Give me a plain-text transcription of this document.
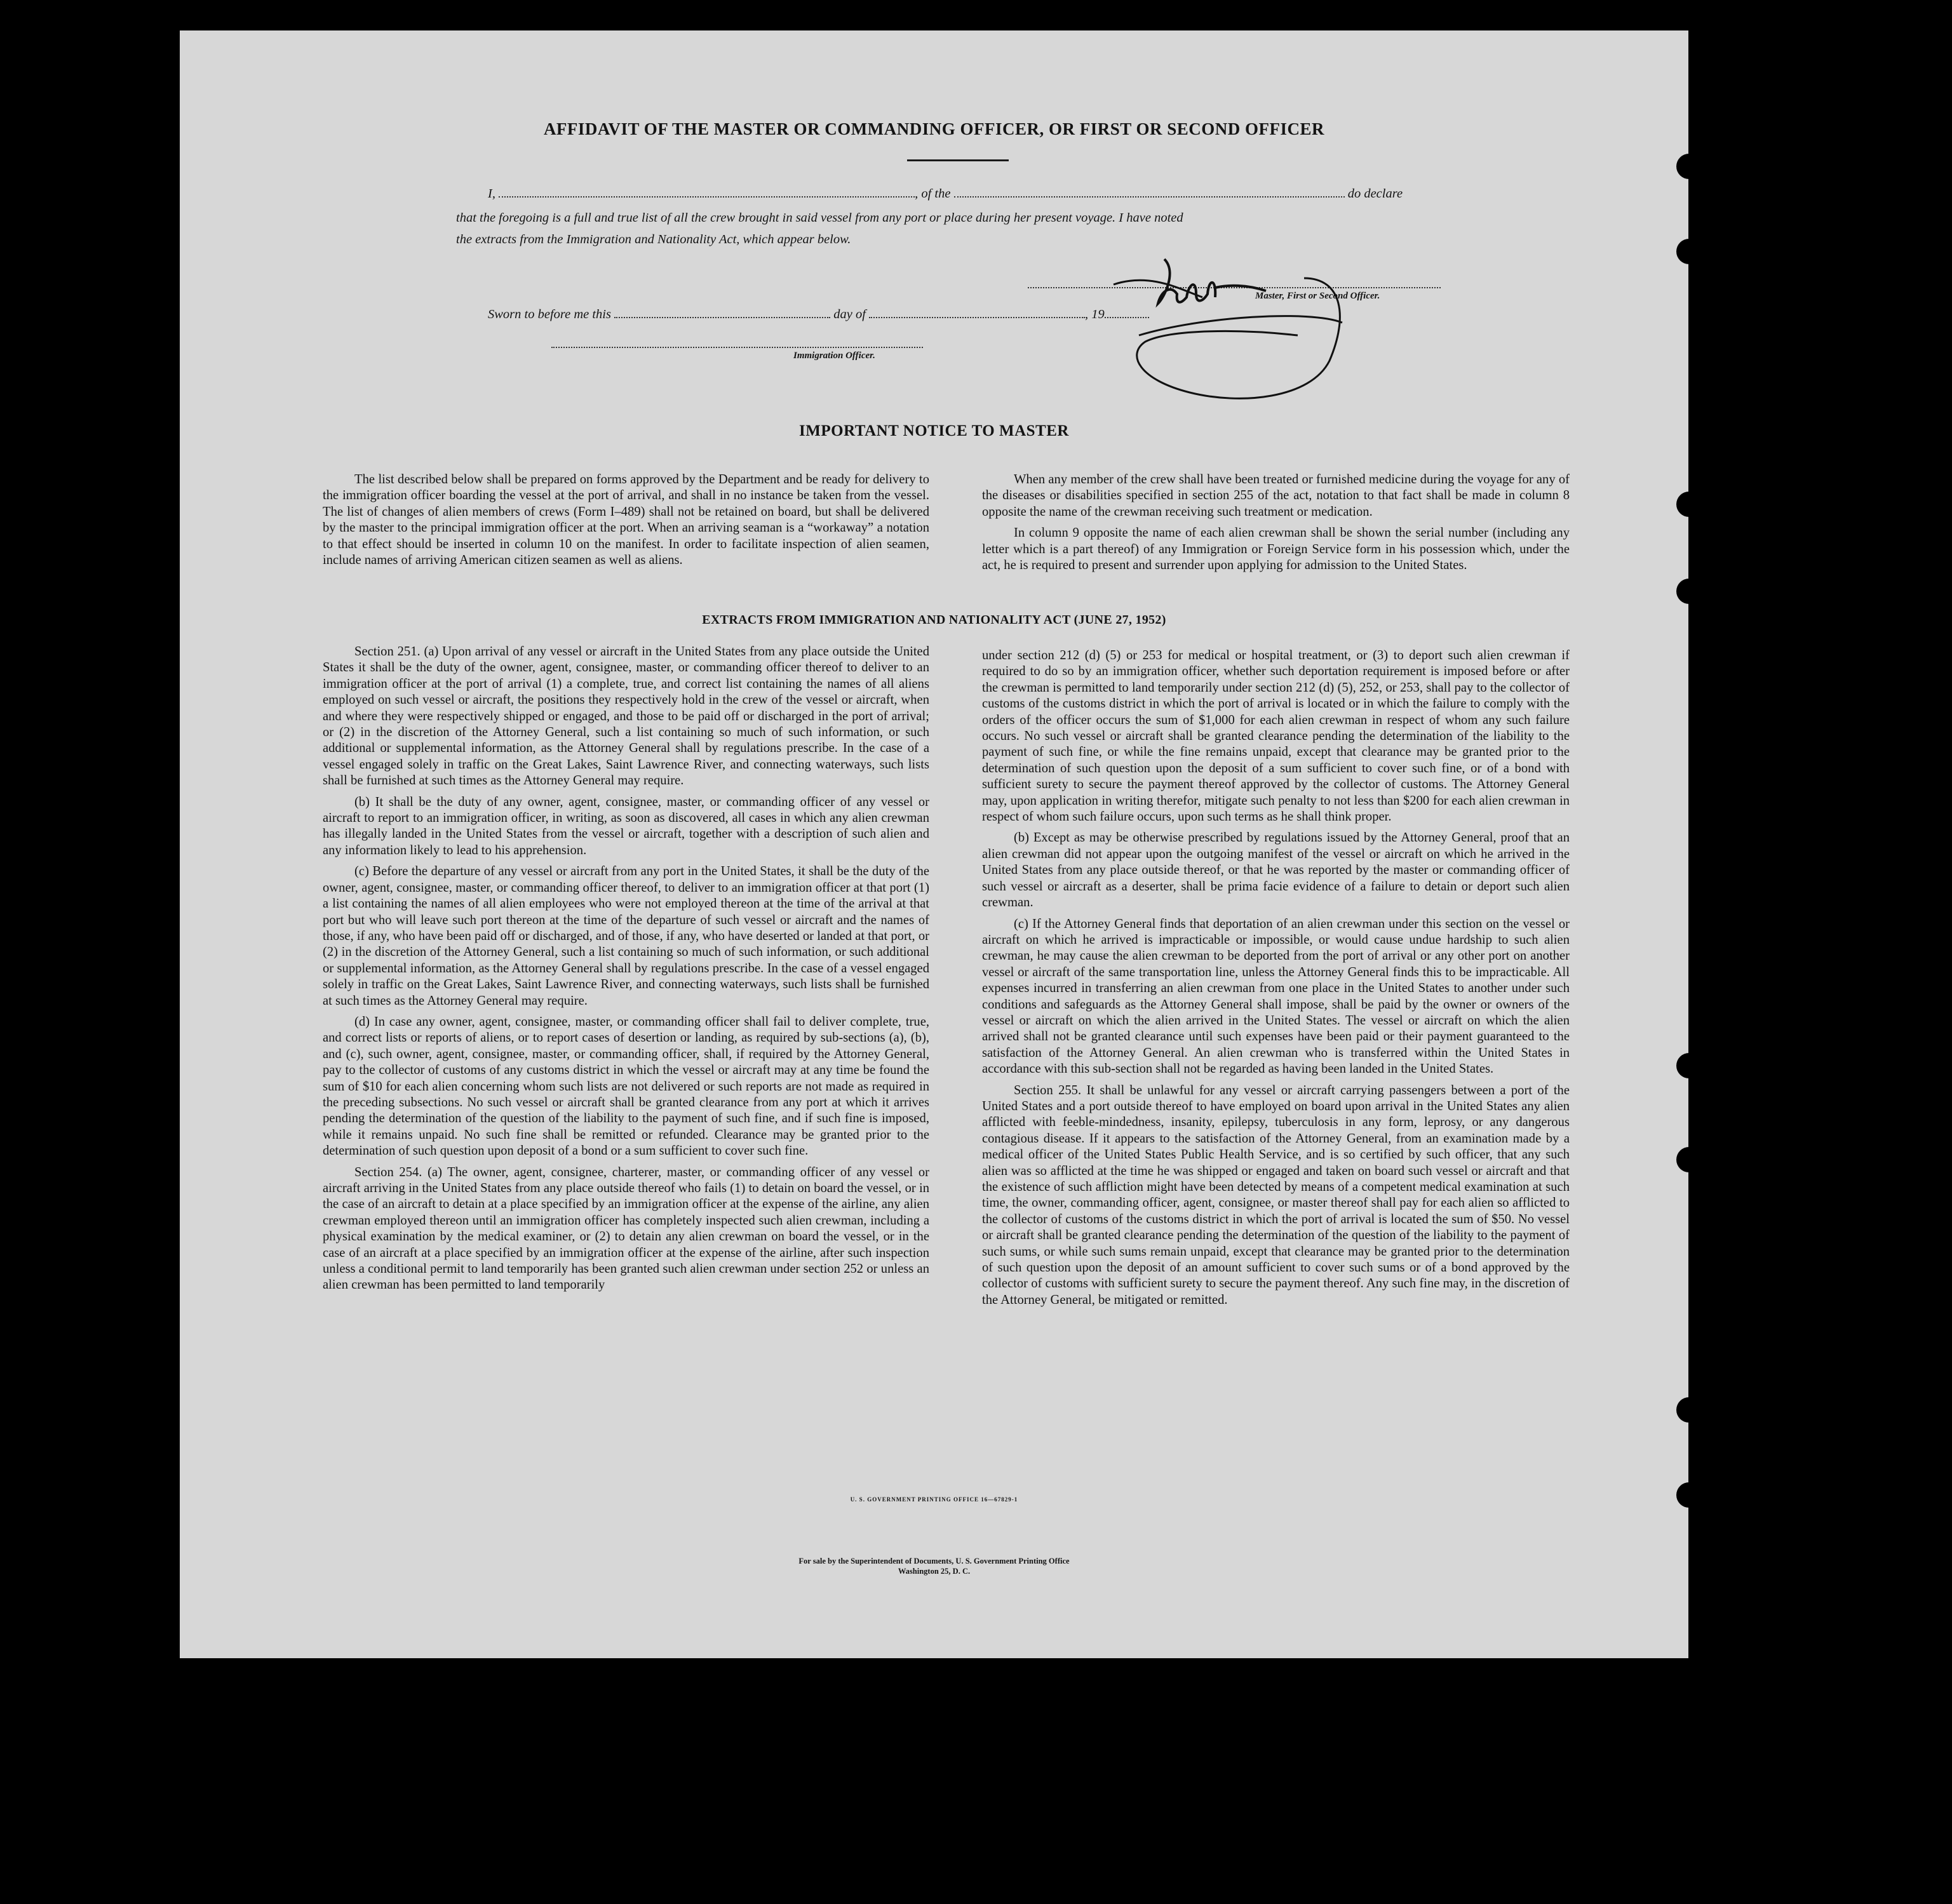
AFFIDAVIT OF THE MASTER OR COMMANDING OFFICER, OR FIRST OR SECOND OFFICER
I,	, of the	do declare
that the foregoing is a full and true list of all the crew brought in said vessel from any port or place during her present voyage. I have noted
the extracts from the Immigration and Nationality Act, which appear below.
Master, First or Second Officer.
Sworn to before me this	day of	, 19
Immigration Officer.
IMPORTANT NOTICE TO MASTER

The list described below shall be prepared on forms approved by the Department and be ready for delivery to the immigration officer boarding the vessel at the port of arrival, and shall in no instance be taken from the vessel. The list of changes of alien members of crews (Form I–489) shall not be retained on board, but shall be delivered by the master to the principal immigration officer at the port. When an arriving seaman is a “workaway” a notation to that effect should be inserted in column 10 on the manifest. In order to facilitate inspection of alien seamen, include names of arriving American citizen seamen as well as aliens.

When any member of the crew shall have been treated or furnished medicine during the voyage for any of the diseases or disabilities specified in section 255 of the act, notation to that fact shall be made in column 8 opposite the name of the crewman receiving such treatment or medication.

In column 9 opposite the name of each alien crewman shall be shown the serial number (including any letter which is a part thereof) of any Immigration or Foreign Service form in his possession which, under the act, he is required to present and surrender upon applying for admission to the United States.

EXTRACTS FROM IMMIGRATION AND NATIONALITY ACT (JUNE 27, 1952)

Section 251. (a) Upon arrival of any vessel or aircraft in the United States from any place outside the United States it shall be the duty of the owner, agent, consignee, master, or commanding officer thereof to deliver to an immigration officer at the port of arrival (1) a complete, true, and correct list containing the names of all aliens employed on such vessel or aircraft, the positions they respectively hold in the crew of the vessel or aircraft, when and where they were respectively shipped or engaged, and those to be paid off or discharged in the port of arrival; or (2) in the discretion of the Attorney General, such a list containing so much of such information, or such additional or supplemental information, as the Attorney General shall by regulations prescribe. In the case of a vessel engaged solely in traffic on the Great Lakes, Saint Lawrence River, and connecting waterways, such lists shall be furnished at such times as the Attorney General may require.

(b) It shall be the duty of any owner, agent, consignee, master, or commanding officer of any vessel or aircraft to report to an immigration officer, in writing, as soon as discovered, all cases in which any alien crewman has illegally landed in the United States from the vessel or aircraft, together with a description of such alien and any information likely to lead to his apprehension.

(c) Before the departure of any vessel or aircraft from any port in the United States, it shall be the duty of the owner, agent, consignee, master, or commanding officer thereof, to deliver to an immigration officer at that port (1) a list containing the names of all alien employees who were not employed thereon at the time of the arrival at that port but who will leave such port thereon at the time of the departure of such vessel or aircraft and the names of those, if any, who have been paid off or discharged, and of those, if any, who have deserted or landed at that port, or (2) in the discretion of the Attorney General, such a list containing so much of such information, or such additional or supplemental information, as the Attorney General shall by regulations prescribe. In the case of a vessel engaged solely in traffic on the Great Lakes, Saint Lawrence River, and connecting waterways, such lists shall be furnished at such times as the Attorney General may require.

(d) In case any owner, agent, consignee, master, or commanding officer shall fail to deliver complete, true, and correct lists or reports of aliens, or to report cases of desertion or landing, as required by sub-sections (a), (b), and (c), such owner, agent, consignee, master, or commanding officer, shall, if required by the Attorney General, pay to the collector of customs of any customs district in which the vessel or aircraft may at any time be found the sum of $10 for each alien concerning whom such lists are not delivered or such reports are not made as required in the preceding subsections. No such vessel or aircraft shall be granted clearance from any port at which it arrives pending the determination of the question of the liability to the payment of such fine, and if such fine is imposed, while it remains unpaid. No such fine shall be remitted or refunded. Clearance may be granted prior to the determination of such question upon deposit of a bond or a sum sufficient to cover such fine.

Section 254. (a) The owner, agent, consignee, charterer, master, or commanding officer of any vessel or aircraft arriving in the United States from any place outside thereof who fails (1) to detain on board the vessel, or in the case of an aircraft to detain at a place specified by an immigration officer at the expense of the airline, any alien crewman employed thereon until an immigration officer has completely inspected such alien crewman, including a physical examination by the medical examiner, or (2) to detain any alien crewman on board the vessel, or in the case of an aircraft at a place specified by an immigration officer at the expense of the airline, after such inspection unless a conditional permit to land temporarily has been granted such alien crewman under section 252 or unless an alien crewman has been permitted to land temporarily

under section 212 (d) (5) or 253 for medical or hospital treatment, or (3) to deport such alien crewman if required to do so by an immigration officer, whether such deportation requirement is imposed before or after the crewman is permitted to land temporarily under section 212 (d) (5), 252, or 253, shall pay to the collector of customs of the customs district in which the port of arrival is located or in which the failure to comply with the orders of the officer occurs the sum of $1,000 for each alien crewman in respect of whom any such failure occurs. No such vessel or aircraft shall be granted clearance pending the determination of the liability to the payment of such fine, or while the fine remains unpaid, except that clearance may be granted prior to the determination of such question upon the deposit of a sum sufficient to cover such fine, or of a bond with sufficient surety to secure the payment thereof approved by the collector of customs. The Attorney General may, upon application in writing therefor, mitigate such penalty to not less than $200 for each alien crewman in respect of whom such failure occurs, upon such terms as he shall think proper.

(b) Except as may be otherwise prescribed by regulations issued by the Attorney General, proof that an alien crewman did not appear upon the outgoing manifest of the vessel or aircraft on which he arrived in the United States from any place outside thereof, or that he was reported by the master or commanding officer of such vessel or aircraft as a deserter, shall be prima facie evidence of a failure to detain or deport such alien crewman.

(c) If the Attorney General finds that deportation of an alien crewman under this section on the vessel or aircraft on which he arrived is impracticable or impossible, or would cause undue hardship to such alien crewman, he may cause the alien crewman to be deported from the port of arrival or any other port on another vessel or aircraft of the same transportation line, unless the Attorney General finds this to be impracticable. All expenses incurred in transferring an alien crewman from one place in the United States to another under such conditions and safeguards as the Attorney General shall impose, shall be paid by the owner or owners of the vessel or aircraft on which the alien arrived in the United States. The vessel or aircraft on which the alien arrived shall not be granted clearance until such expenses have been paid or their payment guaranteed to the satisfaction of the Attorney General. An alien crewman who is transferred within the United States in accordance with this sub-section shall not be regarded as having been landed in the United States.

Section 255. It shall be unlawful for any vessel or aircraft carrying passengers between a port of the United States and a port outside thereof to have employed on board upon arrival in the United States any alien afflicted with feeble-mindedness, insanity, epilepsy, tuberculosis in any form, leprosy, or any dangerous contagious disease. If it appears to the satisfaction of the Attorney General, from an examination made by a medical officer of the United States Public Health Service, and is so certified by such officer, that any such alien was so afflicted at the time he was shipped or engaged and taken on board such vessel or aircraft and that the existence of such affliction might have been detected by means of a competent medical examination at such time, the owner, commanding officer, agent, consignee, or master thereof shall pay for each alien so afflicted to the collector of customs of the customs district in which the port of arrival is located the sum of $50. No vessel or aircraft shall be granted clearance pending the determination of the question of the liability to the payment of such sums, or while such sums remain unpaid, except that clearance may be granted prior to the determination of such question upon the deposit of an amount sufficient to cover such sums or of a bond approved by the collector of customs with sufficient surety to secure the payment thereof. Any such fine may, in the discretion of the Attorney General, be mitigated or remitted.

U. S. GOVERNMENT PRINTING OFFICE 16—67829-1
For sale by the Superintendent of Documents, U. S. Government Printing Office
Washington 25, D. C.
